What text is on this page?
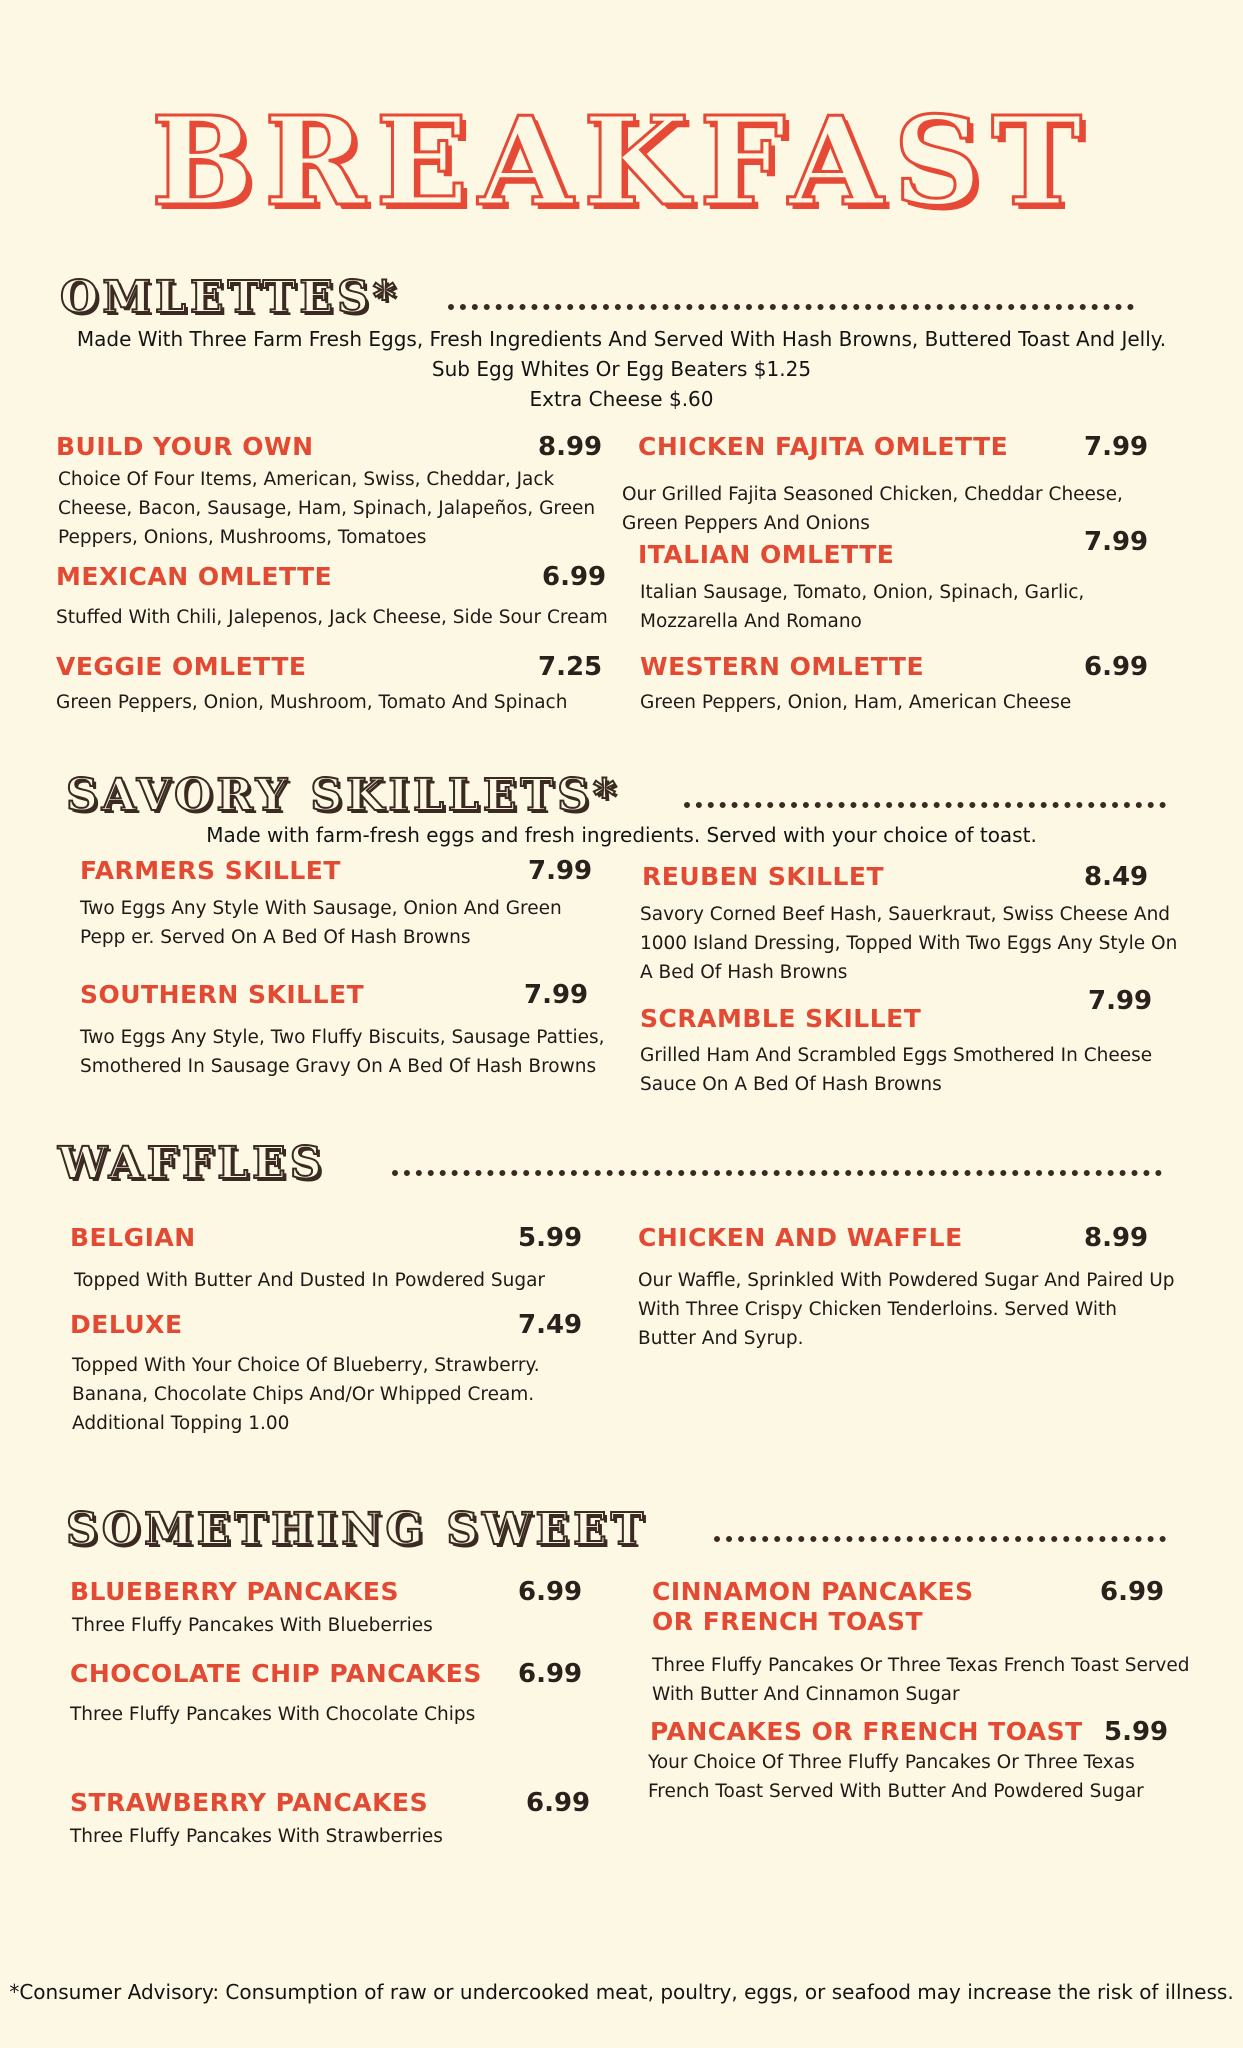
BREAKFAST
OMLETTES*
Made With Three Farm Fresh Eggs, Fresh Ingredients And Served With Hash Browns, Buttered Toast And Jelly.
Sub Egg Whites Or Egg Beaters $1.25
Extra Cheese $.60
BUILD YOUR OWN	8.99
Choice Of Four Items, American, Swiss, Cheddar, Jack Cheese, Bacon, Sausage, Ham, Spinach, Jalapeños, Green Peppers, Onions, Mushrooms, Tomatoes
CHICKEN FAJITA OMLETTE	7.99
Our Grilled Fajita Seasoned Chicken, Cheddar Cheese, Green Peppers And Onions
MEXICAN OMLETTE	6.99
Stuffed With Chili, Jalepenos, Jack Cheese, Side Sour Cream
7.99
ITALIAN OMLETTE
Italian Sausage, Tomato, Onion, Spinach, Garlic, Mozzarella And Romano
VEGGIE OMLETTE	7.25
Green Peppers, Onion, Mushroom, Tomato And Spinach
WESTERN OMLETTE	6.99
Green Peppers, Onion, Ham, American Cheese
SAVORY SKILLETS*
Made with farm-fresh eggs and fresh ingredients. Served with your choice of toast.
FARMERS SKILLET	7.99
Two Eggs Any Style With Sausage, Onion And Green Pepp er. Served On A Bed Of Hash Browns
REUBEN SKILLET	8.49
Savory Corned Beef Hash, Sauerkraut, Swiss Cheese And 1000 Island Dressing, Topped With Two Eggs Any Style On A Bed Of Hash Browns
SOUTHERN SKILLET	7.99
Two Eggs Any Style, Two Fluffy Biscuits, Sausage Patties, Smothered In Sausage Gravy On A Bed Of Hash Browns
7.99
SCRAMBLE SKILLET
Grilled Ham And Scrambled Eggs Smothered In Cheese Sauce On A Bed Of Hash Browns
WAFFLES
BELGIAN	5.99
Topped With Butter And Dusted In Powdered Sugar
CHICKEN AND WAFFLE	8.99
Our Waffle, Sprinkled With Powdered Sugar And Paired Up With Three Crispy Chicken Tenderloins. Served With Butter And Syrup.
DELUXE	7.49
Topped With Your Choice Of Blueberry, Strawberry. Banana, Chocolate Chips And/Or Whipped Cream. Additional Topping 1.00
SOMETHING SWEET
BLUEBERRY PANCAKES	6.99
Three Fluffy Pancakes With Blueberries
CINNAMON PANCAKES OR FRENCH TOAST
6.99
Three Fluffy Pancakes Or Three Texas French Toast Served With Butter And Cinnamon Sugar
CHOCOLATE CHIP PANCAKES 6.99
Three Fluffy Pancakes With Chocolate Chips
PANCAKES OR FRENCH TOAST 5.99
Your Choice Of Three Fluffy Pancakes Or Three Texas French Toast Served With Butter And Powdered Sugar
STRAWBERRY PANCAKES	6.99
Three Fluffy Pancakes With Strawberries
*Consumer Advisory: Consumption of raw or undercooked meat, poultry, eggs, or seafood may increase the risk of illness.
